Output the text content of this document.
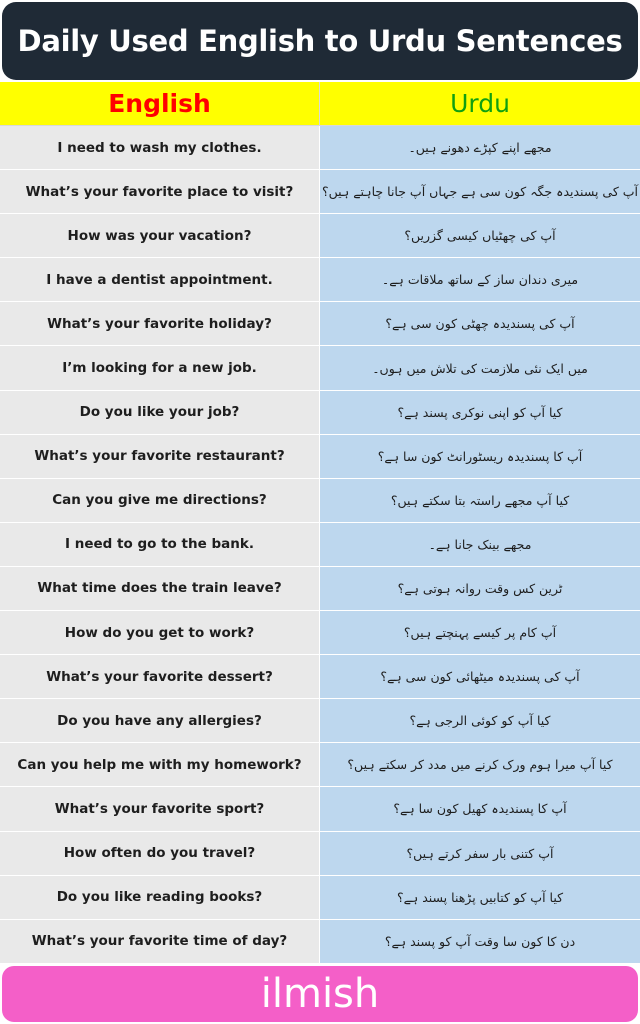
Daily Used English to Urdu Sentences
English	Urdu
I need to wash my clothes.	مجھے اپنے کپڑے دھونے ہیں۔
What’s your favorite place to visit?	آپ کی پسندیدہ جگہ کون سی ہے جہاں آپ جانا چاہتے ہیں؟
How was your vacation?	آپ کی چھٹیاں کیسی گزریں؟
I have a dentist appointment.	میری دندان ساز کے ساتھ ملاقات ہے۔
What’s your favorite holiday?	آپ کی پسندیدہ چھٹی کون سی ہے؟
I’m looking for a new job.	میں ایک نئی ملازمت کی تلاش میں ہوں۔
Do you like your job?	کیا آپ کو اپنی نوکری پسند ہے؟
What’s your favorite restaurant?	آپ کا پسندیدہ ریسٹورانٹ کون سا ہے؟
Can you give me directions?	کیا آپ مجھے راستہ بتا سکتے ہیں؟
I need to go to the bank.	مجھے بینک جانا ہے۔
What time does the train leave?	ٹرین کس وقت روانہ ہوتی ہے؟
How do you get to work?	آپ کام پر کیسے پہنچتے ہیں؟
What’s your favorite dessert?	آپ کی پسندیدہ میٹھائی کون سی ہے؟
Do you have any allergies?	کیا آپ کو کوئی الرجی ہے؟
Can you help me with my homework?	کیا آپ میرا ہوم ورک کرنے میں مدد کر سکتے ہیں؟
What’s your favorite sport?	آپ کا پسندیدہ کھیل کون سا ہے؟
How often do you travel?	آپ کتنی بار سفر کرتے ہیں؟
Do you like reading books?	کیا آپ کو کتابیں پڑھنا پسند ہے؟
What’s your favorite time of day?	دن کا کون سا وقت آپ کو پسند ہے؟
ilmish
